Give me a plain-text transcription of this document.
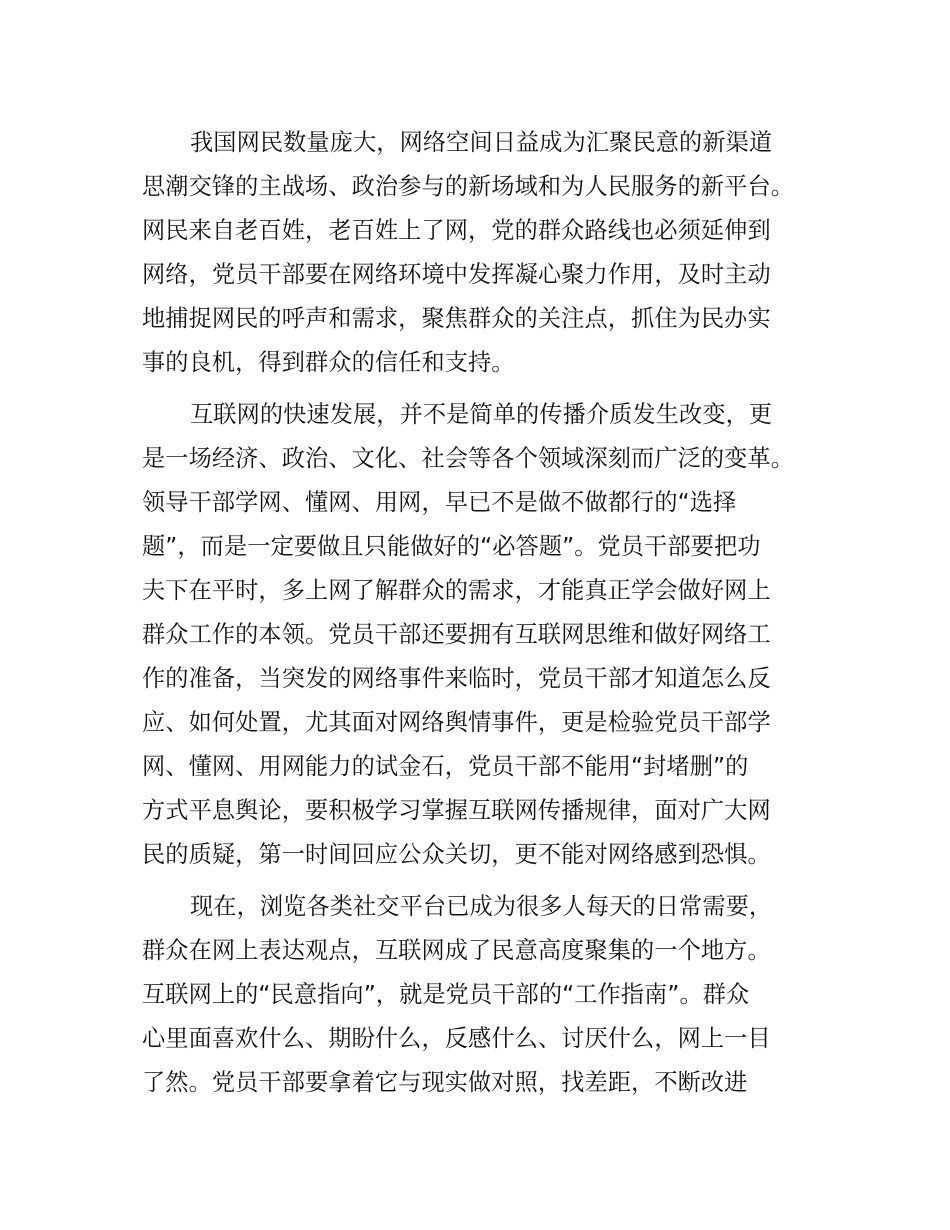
我国网民数量庞大，网络空间日益成为汇聚民意的新渠道
思潮交锋的主战场、政治参与的新场域和为人民服务的新平台。
网民来自老百姓，老百姓上了网，党的群众路线也必须延伸到
网络，党员干部要在网络环境中发挥凝心聚力作用，及时主动
地捕捉网民的呼声和需求，聚焦群众的关注点，抓住为民办实
事的良机，得到群众的信任和支持。

互联网的快速发展，并不是简单的传播介质发生改变，更
是一场经济、政治、文化、社会等各个领域深刻而广泛的变革。
领导干部学网、懂网、用网，早已不是做不做都行的“选择
题”，而是一定要做且只能做好的“必答题”。党员干部要把功
夫下在平时，多上网了解群众的需求，才能真正学会做好网上
群众工作的本领。党员干部还要拥有互联网思维和做好网络工
作的准备，当突发的网络事件来临时，党员干部才知道怎么反
应、如何处置，尤其面对网络舆情事件，更是检验党员干部学
网、懂网、用网能力的试金石，党员干部不能用“封堵删”的
方式平息舆论，要积极学习掌握互联网传播规律，面对广大网
民的质疑，第一时间回应公众关切，更不能对网络感到恐惧。

现在，浏览各类社交平台已成为很多人每天的日常需要，
群众在网上表达观点，互联网成了民意高度聚集的一个地方。
互联网上的“民意指向”，就是党员干部的“工作指南”。群众
心里面喜欢什么、期盼什么，反感什么、讨厌什么，网上一目
了然。党员干部要拿着它与现实做对照，找差距，不断改进
